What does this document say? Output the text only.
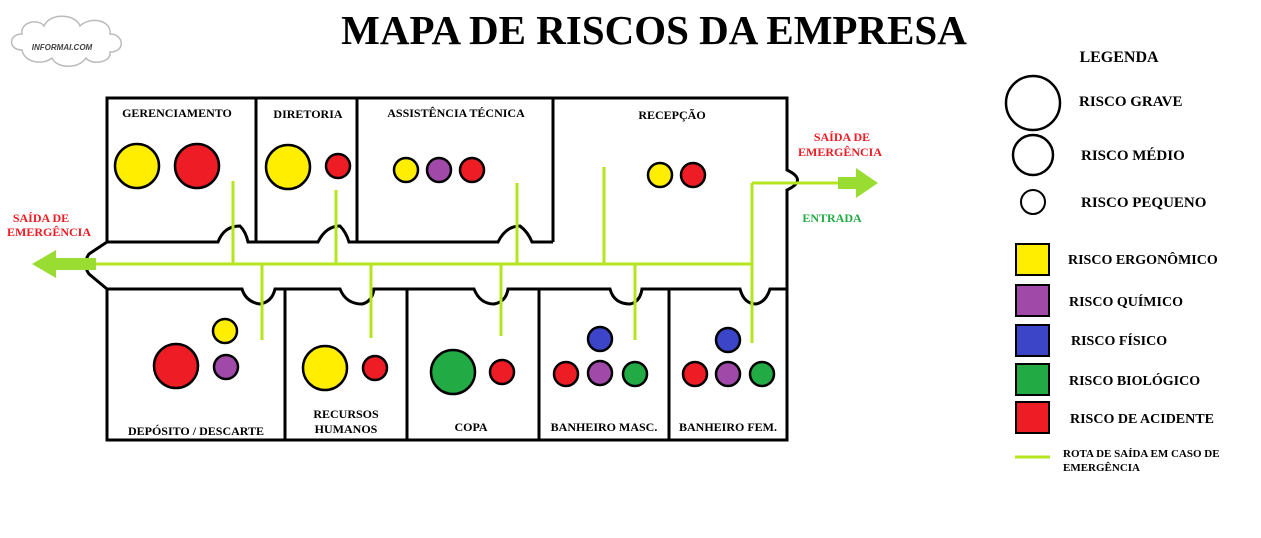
MAPA DE RISCOS DA EMPRESA
INFORMAI.COM
SAÍDA DE
EMERGÊNCIA
SAÍDA DE
EMERGÊNCIA
ENTRADA
GERENCIAMENTO	DIRETORIA	ASSISTÊNCIA TÉCNICA	RECEPÇÃO
DEPÓSITO / DESCARTE
RECURSOS
HUMANOS	COPA	BANHEIRO MASC. BANHEIRO FEM.
LEGENDA
RISCO GRAVE
RISCO MÉDIO
RISCO PEQUENO
RISCO ERGONÔMICO
RISCO QUÍMICO
RISCO FÍSICO
RISCO BIOLÓGICO
RISCO DE ACIDENTE
ROTA DE SAÍDA EM CASO DE
EMERGÊNCIA
